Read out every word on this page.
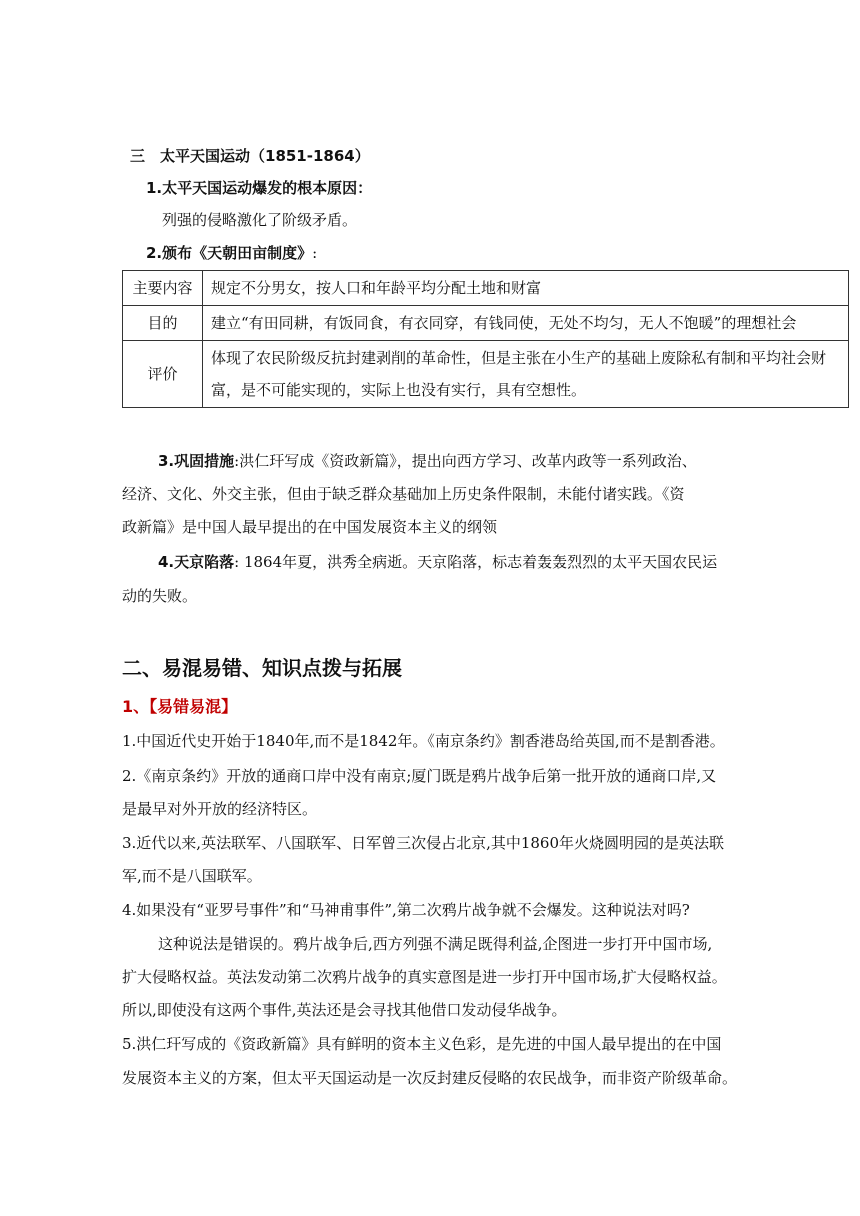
三　太平天国运动（1851-1864）
1.太平天国运动爆发的根本原因：
列强的侵略激化了阶级矛盾。
2.颁布《天朝田亩制度》:
主要内容	规定不分男女，按人口和年龄平均分配土地和财富
目的	建立“有田同耕，有饭同食，有衣同穿，有钱同使，无处不均匀，无人不饱暖”的理想社会
评价	体现了农民阶级反抗封建剥削的革命性，但是主张在小生产的基础上废除私有制和平均社会财富，是不可能实现的，实际上也没有实行，具有空想性。
3.巩固措施:洪仁玕写成《资政新篇》，提出向西方学习、改革内政等一系列政治、
经济、文化、外交主张，但由于缺乏群众基础加上历史条件限制，未能付诸实践。《资
政新篇》是中国人最早提出的在中国发展资本主义的纲领
4.天京陷落: 1864年夏，洪秀全病逝。天京陷落，标志着轰轰烈烈的太平天国农民运
动的失败。
二、易混易错、知识点拨与拓展
1、【易错易混】
1.中国近代史开始于1840年,而不是1842年。《南京条约》割香港岛给英国,而不是割香港。
2.《南京条约》开放的通商口岸中没有南京;厦门既是鸦片战争后第一批开放的通商口岸,又
是最早对外开放的经济特区。
3.近代以来,英法联军、八国联军、日军曾三次侵占北京,其中1860年火烧圆明园的是英法联
军,而不是八国联军。
4.如果没有“亚罗号事件”和“马神甫事件”,第二次鸦片战争就不会爆发。这种说法对吗?
这种说法是错误的。鸦片战争后,西方列强不满足既得利益,企图进一步打开中国市场,
扩大侵略权益。英法发动第二次鸦片战争的真实意图是进一步打开中国市场,扩大侵略权益。
所以,即使没有这两个事件,英法还是会寻找其他借口发动侵华战争。
5.洪仁玕写成的《资政新篇》具有鲜明的资本主义色彩，是先进的中国人最早提出的在中国
发展资本主义的方案，但太平天国运动是一次反封建反侵略的农民战争，而非资产阶级革命。
